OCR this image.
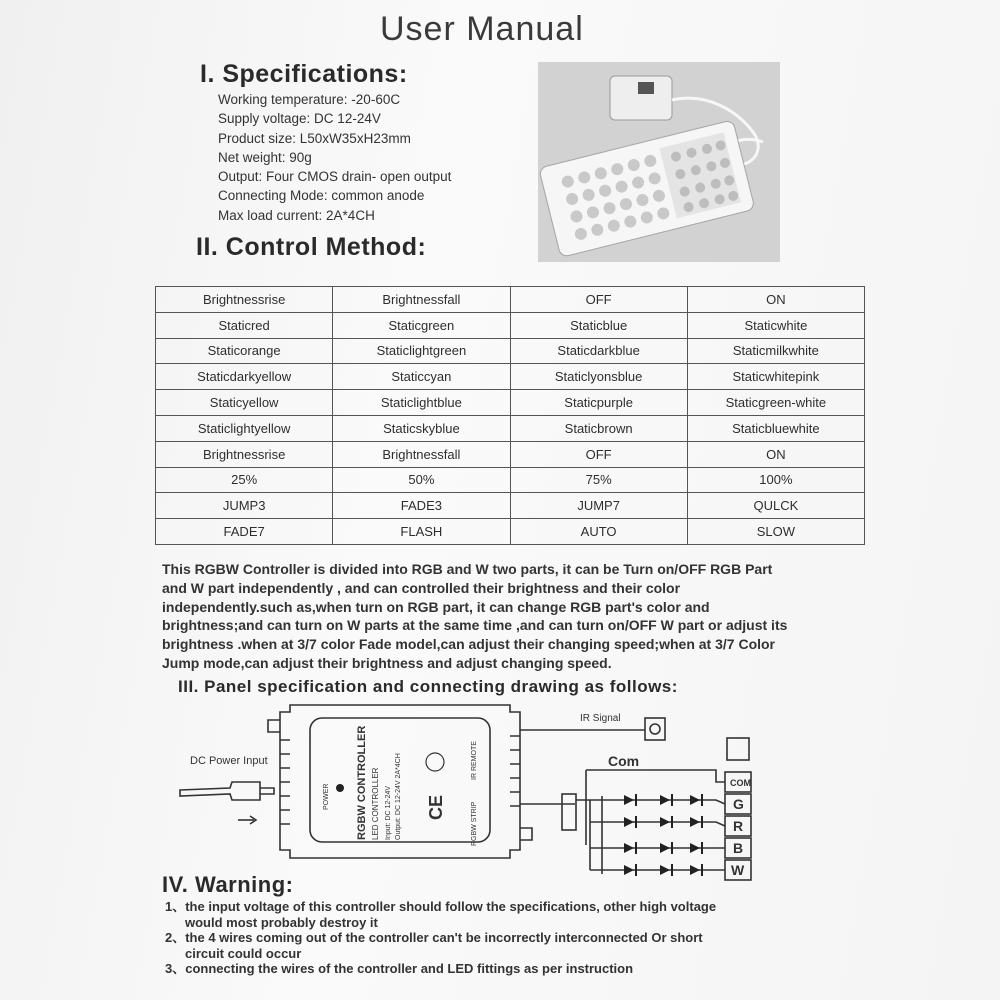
User Manual
I. Specifications:
Working temperature: -20-60C
Supply voltage: DC 12-24V
Product size: L50xW35xH23mm
Net weight: 90g
Output: Four CMOS drain- open output
Connecting Mode: common anode
Max load current: 2A*4CH
II. Control Method:
Brightnessrise	Brightnessfall	OFF	ON
Staticred	Staticgreen	Staticblue	Staticwhite
Staticorange	Staticlightgreen	Staticdarkblue	Staticmilkwhite
Staticdarkyellow	Staticcyan	Staticlyonsblue	Staticwhitepink
Staticyellow	Staticlightblue	Staticpurple	Staticgreen-white
Staticlightyellow	Staticskyblue	Staticbrown	Staticbluewhite
Brightnessrise	Brightnessfall	OFF	ON
25%	50%	75%	100%
JUMP3	FADE3	JUMP7	QULCK
FADE7	FLASH	AUTO	SLOW
This RGBW Controller is divided into RGB and W two parts, it can be Turn on/OFF RGB Part
and W part independently , and can controlled their brightness and their color
independently.such as,when turn on RGB part, it can change RGB part's color and
brightness;and can turn on W parts at the same time ,and can turn on/OFF W part or adjust its
brightness .when at 3/7 color Fade model,can adjust their changing speed;when at 3/7 Color
Jump mode,can adjust their brightness and adjust changing speed.
III. Panel specification and connecting drawing as follows:
DC Power Input
IR Signal
Com
RGBW CONTROLLER LED CONTROLLER Input: DC 12-24V Output: DC 12-24V 2A*4CH
POWER
IR REMOTE
RGBW STRIP
CE
COM
G
R
B
W
IV. Warning:
1、the input voltage of this controller should follow the specifications, other high voltage
would most probably destroy it
2、the 4 wires coming out of the controller can't be incorrectly interconnected Or short
circuit could occur
3、connecting the wires of the controller and LED fittings as per instruction
